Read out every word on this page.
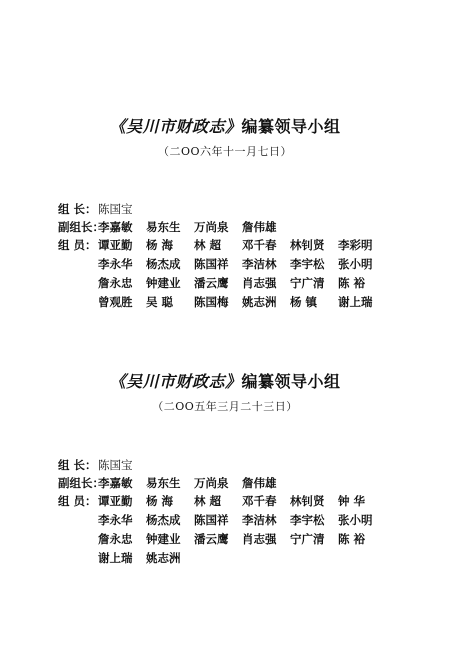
《吴川市财政志》编纂领导小组
（二OO六年十一月七日）
组 长：陈国宝
副组长：李嘉敏 易东生 万尚泉 詹伟雄
组 员：谭亚勤 杨 海 林 超 邓千春 林钊贤 李彩明
李永华 杨杰成 陈国祥 李洁林 李宇松 张小明
詹永忠 钟建业 潘云鹰 肖志强 宁广清 陈 裕
曾观胜 吴 聪 陈国梅 姚志洲 杨 镇 谢上瑞
《吴川市财政志》编纂领导小组
（二OO五年三月二十三日）
组 长：陈国宝
副组长：李嘉敏 易东生 万尚泉 詹伟雄
组 员：谭亚勤 杨 海 林 超 邓千春 林钊贤 钟 华
李永华 杨杰成 陈国祥 李洁林 李宇松 张小明
詹永忠 钟建业 潘云鹰 肖志强 宁广清 陈 裕
谢上瑞 姚志洲
